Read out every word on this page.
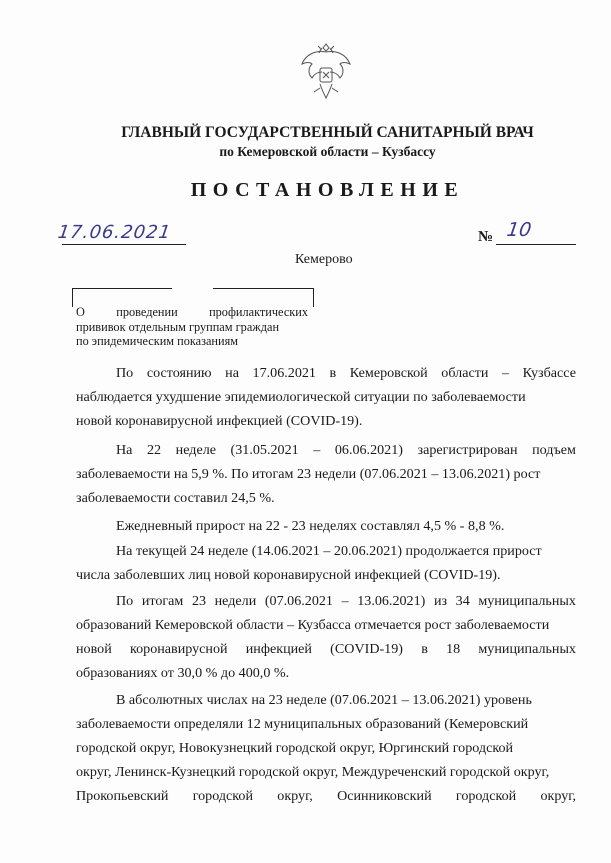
ГЛАВНЫЙ ГОСУДАРСТВЕННЫЙ САНИТАРНЫЙ ВРАЧ
по Кемеровской области – Кузбассу
ПОСТАНОВЛЕНИЕ
17.06.2021	№ 10
Кемерово
О	проведении	профилактических
прививок отдельным группам граждан
по эпидемическим показаниям
По состоянию на 17.06.2021 в Кемеровской области – Кузбассе
наблюдается ухудшение эпидемиологической ситуации по заболеваемости
новой коронавирусной инфекцией (COVID-19).
На 22 неделе (31.05.2021 – 06.06.2021) зарегистрирован подъем
заболеваемости на 5,9 %. По итогам 23 недели (07.06.2021 – 13.06.2021) рост
заболеваемости составил 24,5 %.
Ежедневный прирост на 22 - 23 неделях составлял 4,5 % - 8,8 %.
На текущей 24 неделе (14.06.2021 – 20.06.2021) продолжается прирост
числа заболевших лиц новой коронавирусной инфекцией (COVID-19).
По итогам 23 недели (07.06.2021 – 13.06.2021) из 34 муниципальных
образований Кемеровской области – Кузбасса отмечается рост заболеваемости
новой коронавирусной инфекцией (COVID-19) в 18 муниципальных
образованиях от 30,0 % до 400,0 %.
В абсолютных числах на 23 неделе (07.06.2021 – 13.06.2021) уровень
заболеваемости определяли 12 муниципальных образований (Кемеровский
городской округ, Новокузнецкий городской округ, Юргинский городской
округ, Ленинск-Кузнецкий городской округ, Междуреченский городской округ,
Прокопьевский городской округ, Осинниковский городской округ,
